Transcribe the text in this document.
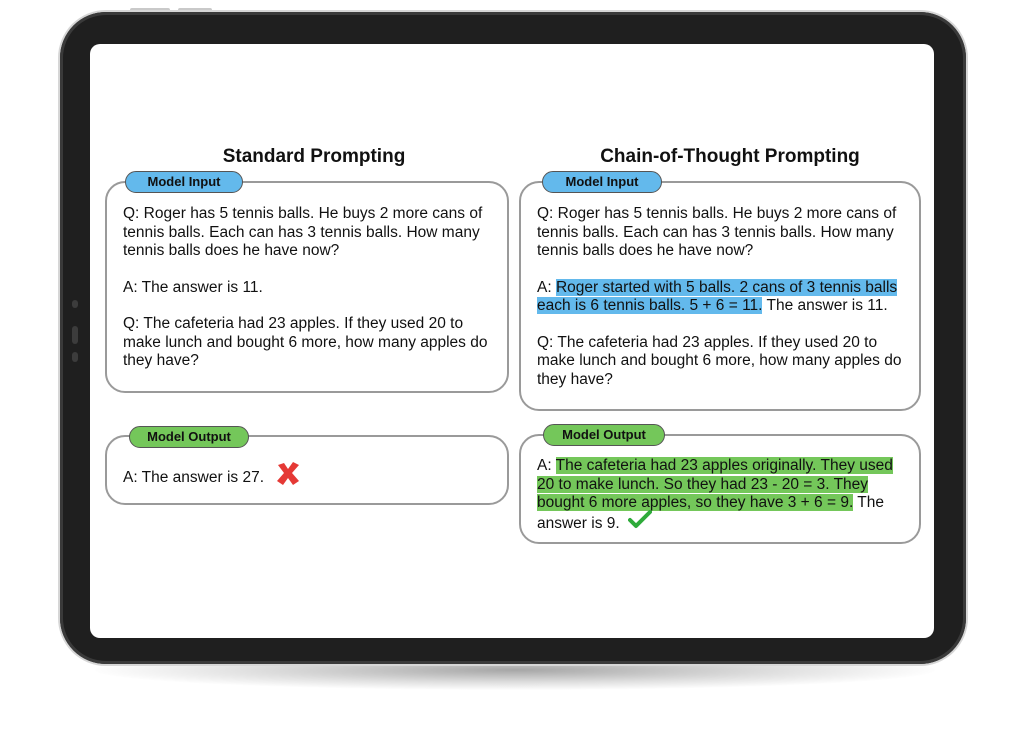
Standard Prompting

Q: Roger has 5 tennis balls. He buys 2 more cans of tennis balls. Each can has 3 tennis balls. How many tennis balls does he have now?

A: The answer is 11.

Q: The cafeteria had 23 apples. If they used 20 to make lunch and bought 6 more, how many apples do they have?

Model Input
A: The answer is 27.
Model Output
Chain-of-Thought Prompting

Q: Roger has 5 tennis balls. He buys 2 more cans of tennis balls. Each can has 3 tennis balls. How many tennis balls does he have now?

A: Roger started with 5 balls. 2 cans of 3 tennis balls each is 6 tennis balls. 5 + 6 = 11. The answer is 11.

Q: The cafeteria had 23 apples. If they used 20 to make lunch and bought 6 more, how many apples do they have?

Model Input
A: The cafeteria had 23 apples originally. They used 20 to make lunch. So they had 23 - 20 = 3. They bought 6 more apples, so they have 3 + 6 = 9. The answer is 9.
Model Output
